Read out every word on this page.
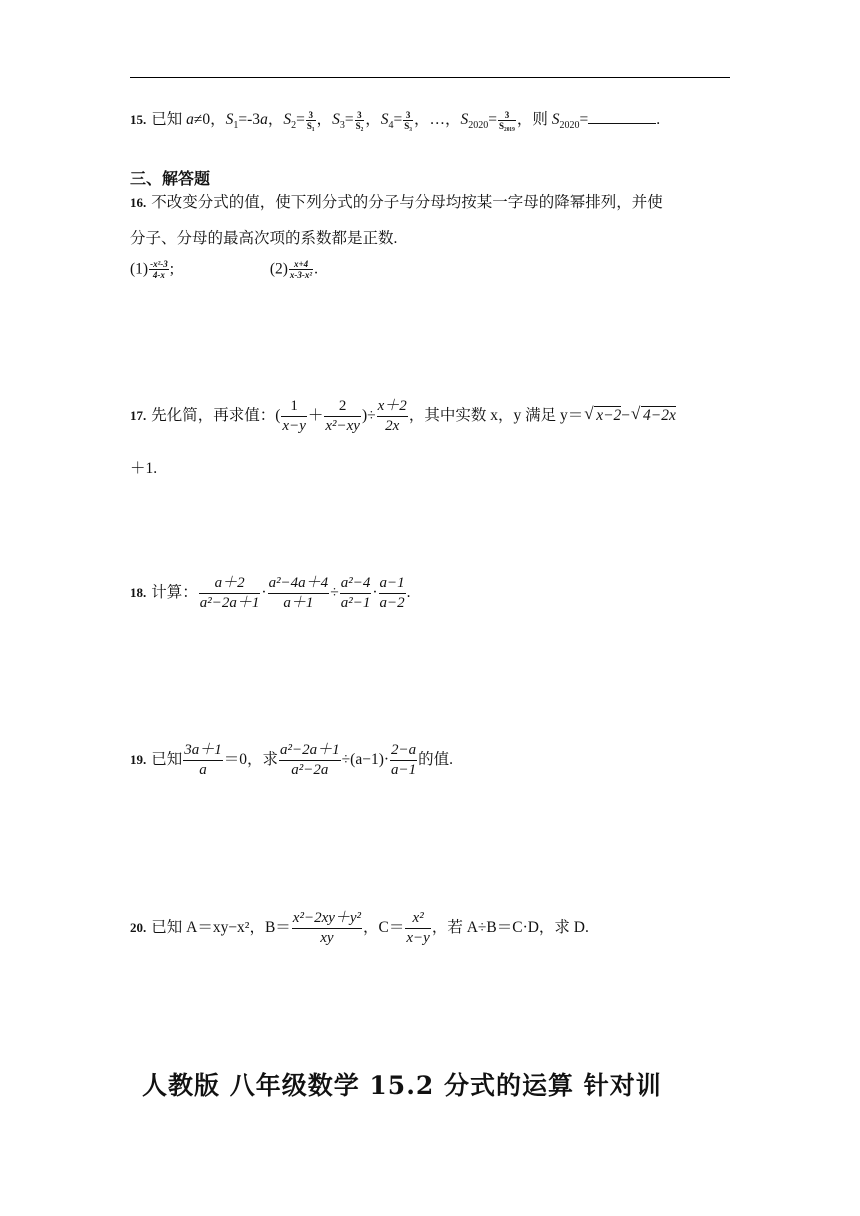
15. 已知 a≠0，$S_1=-3a$，$S_2= \frac{3}{\text{S₁}}$ ，$S_3= \frac{3}{\text{S₂}}$ ，$S_4= \frac{3}{\text{S₃}}$ ，…，$S_{2020}= \frac{3}{\text{S₂₀₁₉}}$ ，则 $S_{2020}=$	.
三、解答题
16. 不改变分式的值，使下列分式的分子与分母均按某一字母的降幂排列，并使
分子、分母的最高次项的系数都是正数.
$(1) \frac{\text{-x²-3}}{4-x}$ ;	$(2) \frac{x+4}{\text{x-3-x²}}$ .
17. 先化简，再求值：( $\frac{1}{x-y} + \frac{2}{\text{x²−xy}}$ )÷ $\frac{x+2}{2x}$ ，其中实数 x，y 满足 y＝ √ x−2− √ 4−2x
＋1.
18. 计算： $\frac{a+2}{\text{a²−2a＋1}} \cdot \frac{\text{a²−4a＋4}}{a+1} \div \frac{\text{a²−4}}{\text{a²−1}} \cdot \frac{a-1}{a-2}$ .
19. 已知 $\frac{3a+1}{a} =0$，求 $\frac{\text{a²−2a＋1}}{\text{a²−2a}} \div(a-1)\cdot \frac{2-a}{a-1}$ 的值.
20. 已知 A＝xy−x²，$B= \frac{\text{x²−2xy＋y²}}{xy}$ ，$C= \frac{\text{x²}}{x-y}$ ，若 A÷B＝C·D，求 D.
人教版 八年级数学 15.2 分式的运算 针对训
